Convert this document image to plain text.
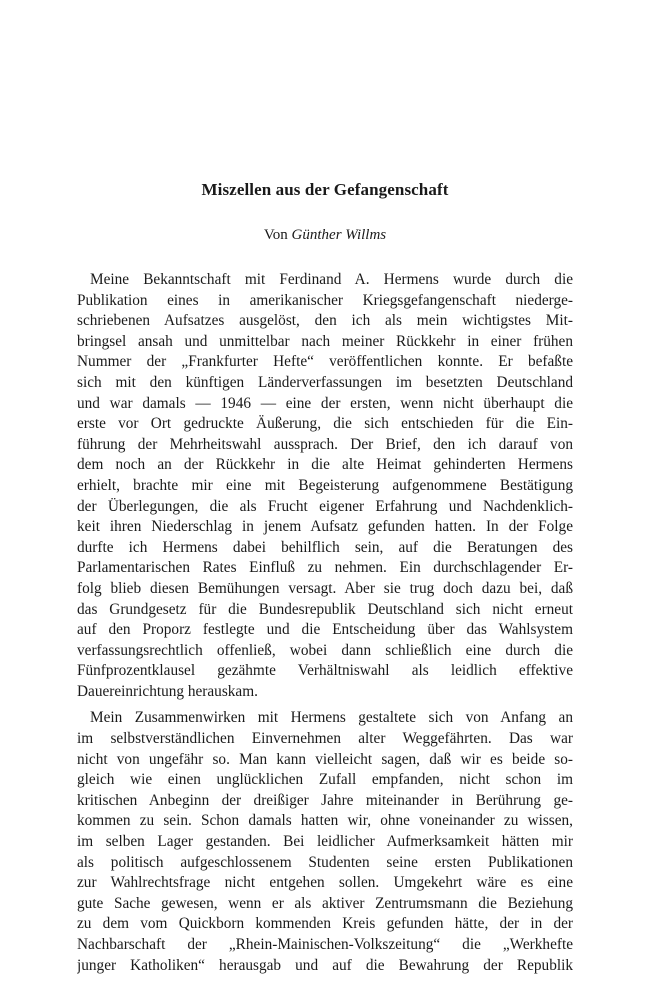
Miszellen aus der Gefangenschaft
Von Günther Willms
Meine Bekanntschaft mit Ferdinand A. Hermens wurde durch die
Publikation eines in amerikanischer Kriegsgefangenschaft niederge-
schriebenen Aufsatzes ausgelöst, den ich als mein wichtigstes Mit-
bringsel ansah und unmittelbar nach meiner Rückkehr in einer frühen
Nummer der „Frankfurter Hefte“ veröffentlichen konnte. Er befaßte
sich mit den künftigen Länderverfassungen im besetzten Deutschland
und war damals — 1946 — eine der ersten, wenn nicht überhaupt die
erste vor Ort gedruckte Äußerung, die sich entschieden für die Ein-
führung der Mehrheitswahl aussprach. Der Brief, den ich darauf von
dem noch an der Rückkehr in die alte Heimat gehinderten Hermens
erhielt, brachte mir eine mit Begeisterung aufgenommene Bestätigung
der Überlegungen, die als Frucht eigener Erfahrung und Nachdenklich-
keit ihren Niederschlag in jenem Aufsatz gefunden hatten. In der Folge
durfte ich Hermens dabei behilflich sein, auf die Beratungen des
Parlamentarischen Rates Einfluß zu nehmen. Ein durchschlagender Er-
folg blieb diesen Bemühungen versagt. Aber sie trug doch dazu bei, daß
das Grundgesetz für die Bundesrepublik Deutschland sich nicht erneut
auf den Proporz festlegte und die Entscheidung über das Wahlsystem
verfassungsrechtlich offenließ, wobei dann schließlich eine durch die
Fünfprozentklausel gezähmte Verhältniswahl als leidlich effektive
Dauereinrichtung herauskam.
Mein Zusammenwirken mit Hermens gestaltete sich von Anfang an
im selbstverständlichen Einvernehmen alter Weggefährten. Das war
nicht von ungefähr so. Man kann vielleicht sagen, daß wir es beide so-
gleich wie einen unglücklichen Zufall empfanden, nicht schon im
kritischen Anbeginn der dreißiger Jahre miteinander in Berührung ge-
kommen zu sein. Schon damals hatten wir, ohne voneinander zu wissen,
im selben Lager gestanden. Bei leidlicher Aufmerksamkeit hätten mir
als politisch aufgeschlossenem Studenten seine ersten Publikationen
zur Wahlrechtsfrage nicht entgehen sollen. Umgekehrt wäre es eine
gute Sache gewesen, wenn er als aktiver Zentrumsmann die Beziehung
zu dem vom Quickborn kommenden Kreis gefunden hätte, der in der
Nachbarschaft der „Rhein-Mainischen-Volkszeitung“ die „Werkhefte
junger Katholiken“ herausgab und auf die Bewahrung der Republik
